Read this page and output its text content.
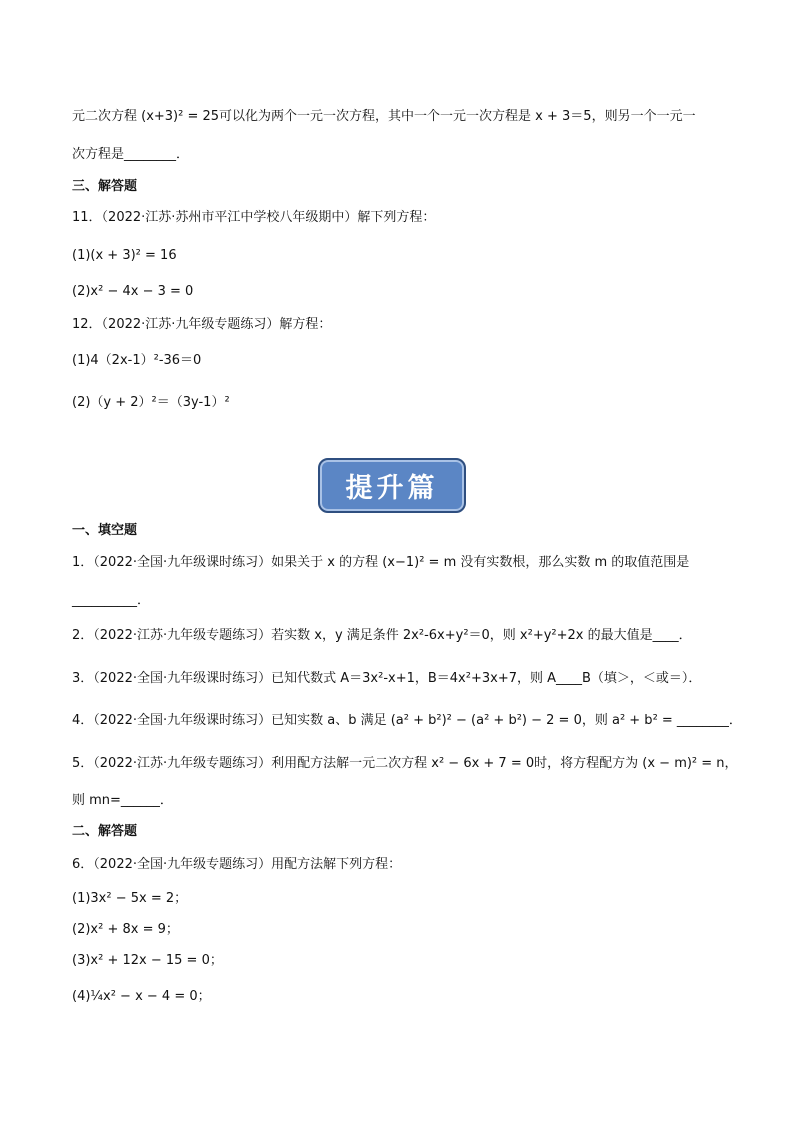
元二次方程 (x+3)² = 25可以化为两个一元一次方程，其中一个一元一次方程是 x + 3＝5，则另一个一元一
次方程是________．
三、解答题
11．（2022·江苏·苏州市平江中学校八年级期中）解下列方程：
(1)(x + 3)² = 16
(2)x² − 4x − 3 = 0
12．（2022·江苏·九年级专题练习）解方程：
(1)4（2x-1）²-36＝0
(2)（y + 2）²＝（3y-1）²
提升篇
一、填空题
1．（2022·全国·九年级课时练习）如果关于 x 的方程 (x−1)² = m 没有实数根，那么实数 m 的取值范围是
__________．
2．（2022·江苏·九年级专题练习）若实数 x，y 满足条件 2x²-6x+y²＝0，则 x²+y²+2x 的最大值是____．
3．（2022·全国·九年级课时练习）已知代数式 A＝3x²-x+1，B＝4x²+3x+7，则 A____B（填＞，＜或＝）．
4．（2022·全国·九年级课时练习）已知实数 a、b 满足 (a² + b²)² − (a² + b²) − 2 = 0，则 a² + b² = ________．
5．（2022·江苏·九年级专题练习）利用配方法解一元二次方程 x² − 6x + 7 = 0时，将方程配方为 (x − m)² = n，
则 mn=______．
二、解答题
6．（2022·全国·九年级专题练习）用配方法解下列方程：
(1)3x² − 5x = 2；
(2)x² + 8x = 9；
(3)x² + 12x − 15 = 0；
(4)¼x² − x − 4 = 0；
